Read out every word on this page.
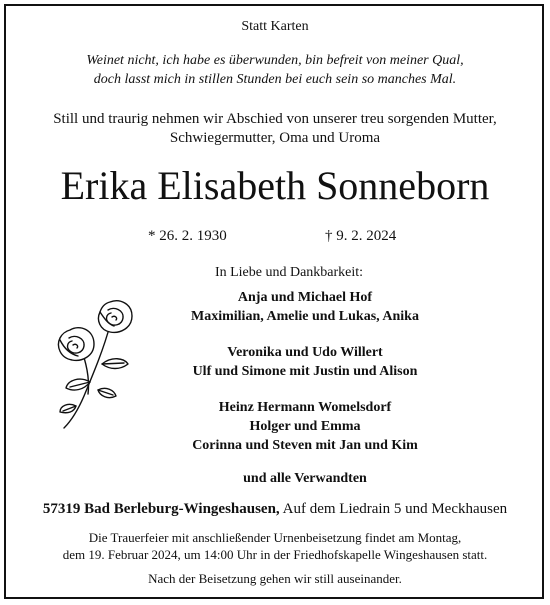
Statt Karten
Weinet nicht, ich habe es überwunden, bin befreit von meiner Qual,
doch lasst mich in stillen Stunden bei euch sein so manches Mal.
Still und traurig nehmen wir Abschied von unserer treu sorgenden Mutter,
Schwiegermutter, Oma und Uroma
Erika Elisabeth Sonneborn
* 26. 2. 1930	† 9. 2. 2024
In Liebe und Dankbarkeit:
Anja und Michael Hof
Maximilian, Amelie und Lukas, Anika
Veronika und Udo Willert
Ulf und Simone mit Justin und Alison
Heinz Hermann Womelsdorf
Holger und Emma
Corinna und Steven mit Jan und Kim
und alle Verwandten
57319 Bad Berleburg-Wingeshausen, Auf dem Liedrain 5 und Meckhausen
Die Trauerfeier mit anschließender Urnenbeisetzung findet am Montag,
dem 19. Februar 2024, um 14:00 Uhr in der Friedhofskapelle Wingeshausen statt.
Nach der Beisetzung gehen wir still auseinander.
